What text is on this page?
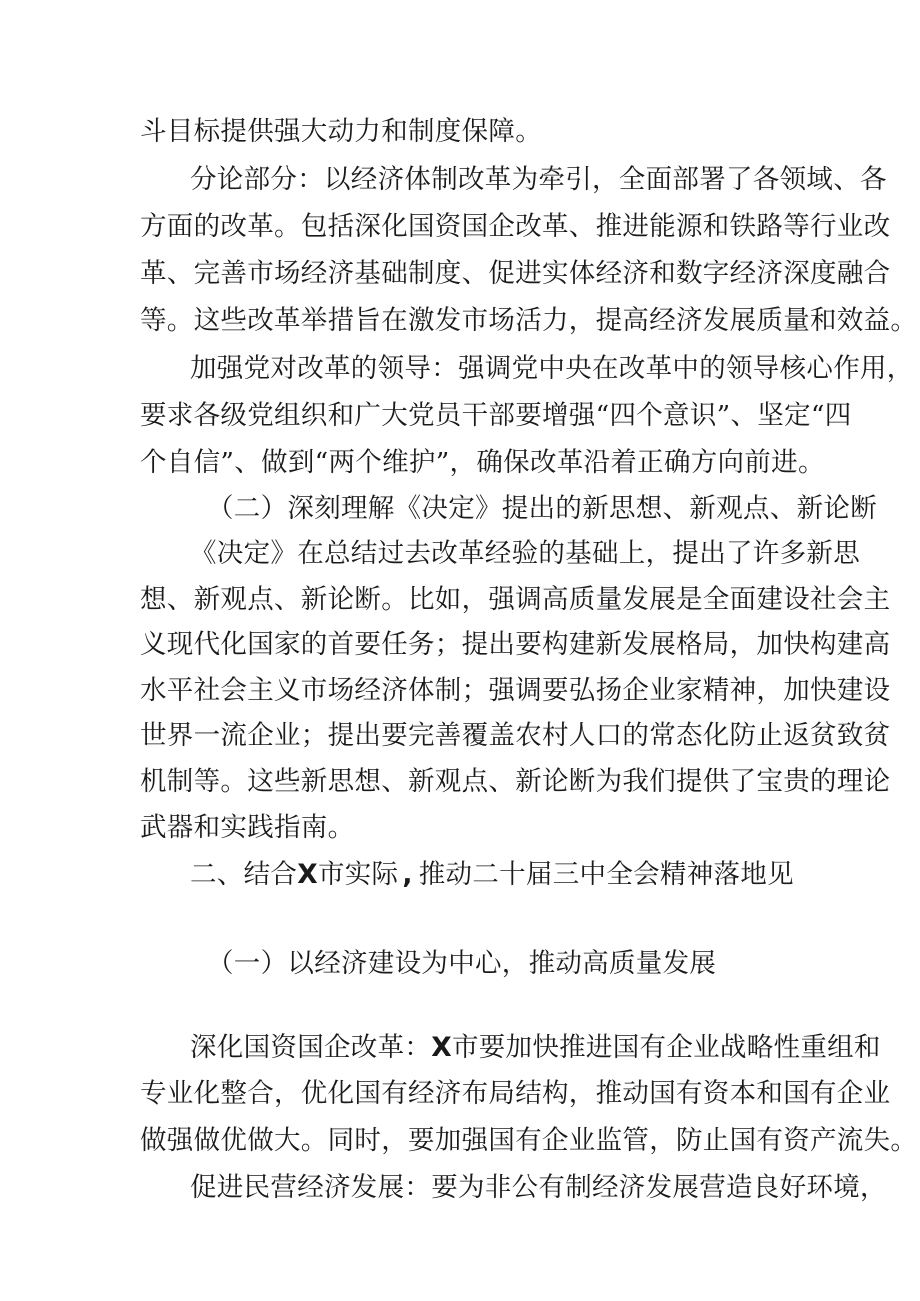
斗目标提供强大动力和制度保障。
分论部分：以经济体制改革为牵引，全面部署了各领域、各
方面的改革。包括深化国资国企改革、推进能源和铁路等行业改
革、完善市场经济基础制度、促进实体经济和数字经济深度融合
等。这些改革举措旨在激发市场活力，提高经济发展质量和效益。
加强党对改革的领导：强调党中央在改革中的领导核心作用，
要求各级党组织和广大党员干部要增强“四个意识”、坚定“四
个自信”、做到“两个维护”，确保改革沿着正确方向前进。
（二）深刻理解《决定》提出的新思想、新观点、新论断
《决定》在总结过去改革经验的基础上，提出了许多新思
想、新观点、新论断。比如，强调高质量发展是全面建设社会主
义现代化国家的首要任务；提出要构建新发展格局，加快构建高
水平社会主义市场经济体制；强调要弘扬企业家精神，加快建设
世界一流企业；提出要完善覆盖农村人口的常态化防止返贫致贫
机制等。这些新思想、新观点、新论断为我们提供了宝贵的理论
武器和实践指南。
二、结合X市实际 , 推动二十届三中全会精神落地见
（一）以经济建设为中心，推动高质量发展
深化国资国企改革：X市要加快推进国有企业战略性重组和
专业化整合，优化国有经济布局结构，推动国有资本和国有企业
做强做优做大。同时，要加强国有企业监管，防止国有资产流失。
促进民营经济发展：要为非公有制经济发展营造良好环境，
